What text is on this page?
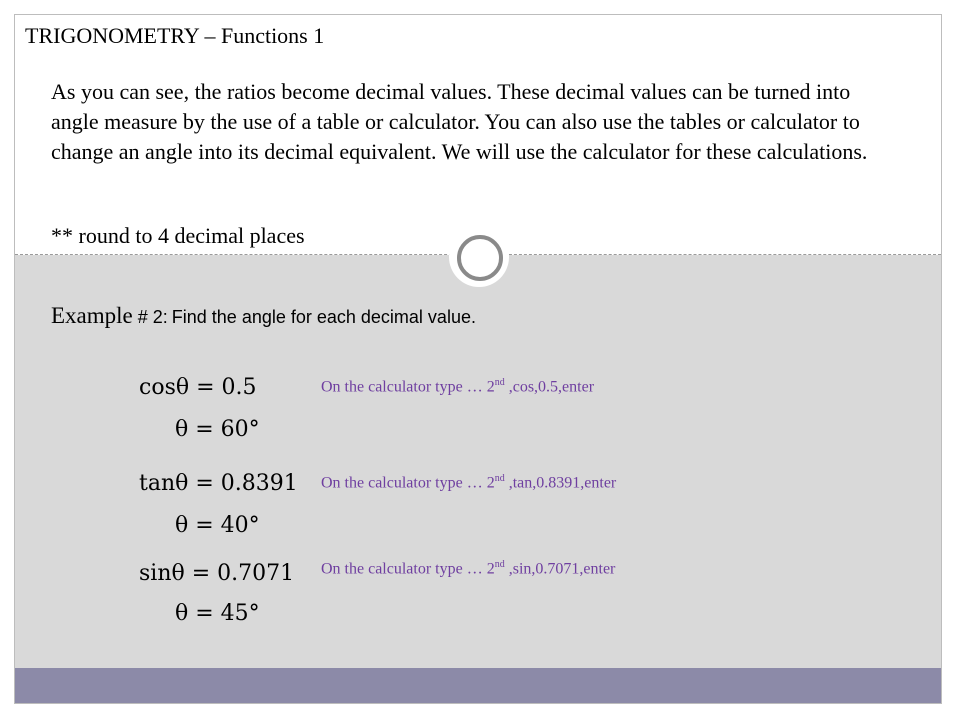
TRIGONOMETRY – Functions 1
As you can see, the ratios become decimal values. These decimal values can be turned into angle measure by the use of a table or calculator. You can also use the tables or calculator to change an angle into its decimal equivalent. We will use the calculator for these calculations.
** round to 4 decimal places
Example # 2: Find the angle for each decimal value.
cosθ = 0.5
θ = 60°
On the calculator type … 2nd ,cos,0.5,enter
tanθ = 0.8391
θ = 40°
On the calculator type … 2nd ,tan,0.8391,enter
sinθ = 0.7071
θ = 45°
On the calculator type … 2nd ,sin,0.7071,enter
